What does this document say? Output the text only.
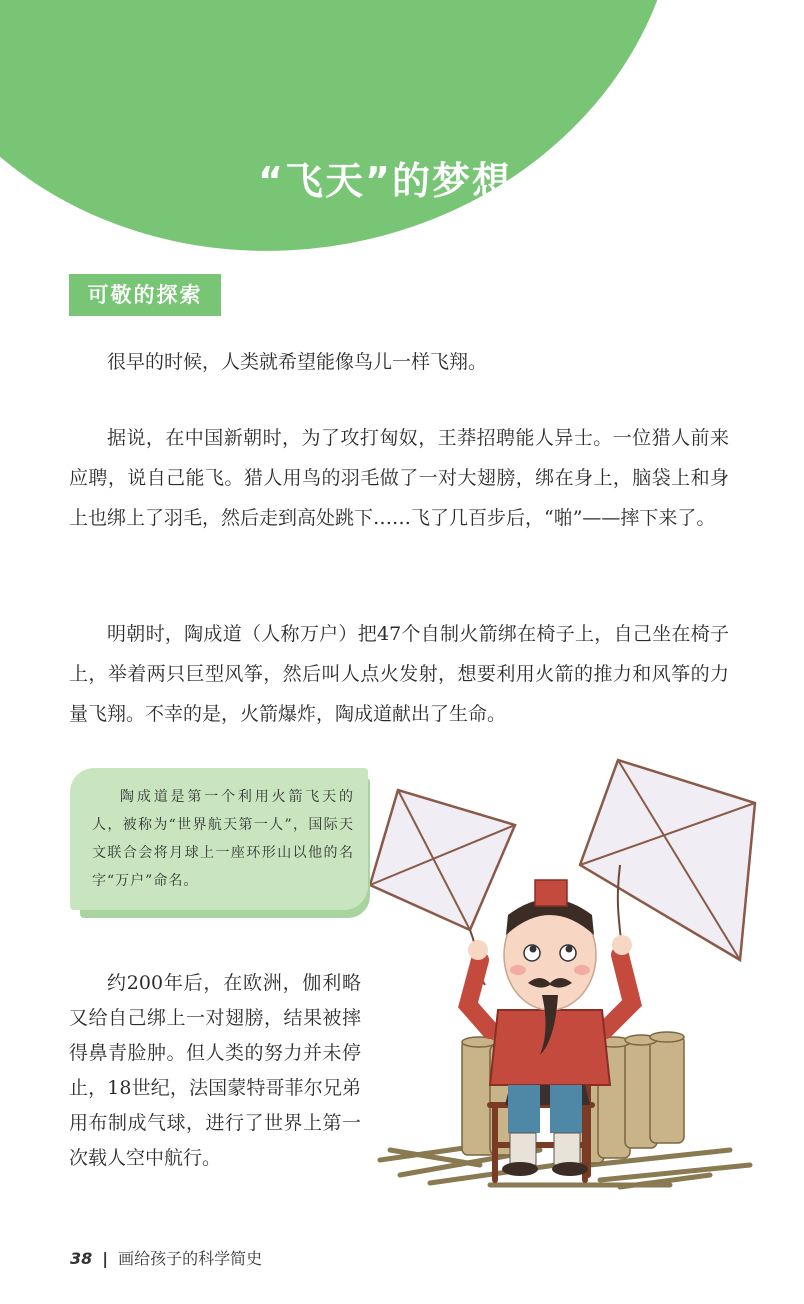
“飞天”的梦想
可敬的探索

很早的时候，人类就希望能像鸟儿一样飞翔。

据说，在中国新朝时，为了攻打匈奴，王莽招聘能人异士。一位猎人前来应聘，说自己能飞。猎人用鸟的羽毛做了一对大翅膀，绑在身上，脑袋上和身上也绑上了羽毛，然后走到高处跳下……飞了几百步后，“啪”——摔下来了。

明朝时，陶成道（人称万户）把47个自制火箭绑在椅子上，自己坐在椅子上，举着两只巨型风筝，然后叫人点火发射，想要利用火箭的推力和风筝的力量飞翔。不幸的是，火箭爆炸，陶成道献出了生命。

陶成道是第一个利用火箭飞天的人，被称为“世界航天第一人”，国际天文联合会将月球上一座环形山以他的名字“万户”命名。

约200年后，在欧洲，伽利略又给自己绑上一对翅膀，结果被摔得鼻青脸肿。但人类的努力并未停止，18世纪，法国蒙特哥菲尔兄弟用布制成气球，进行了世界上第一次载人空中航行。

38 | 画给孩子的科学简史
